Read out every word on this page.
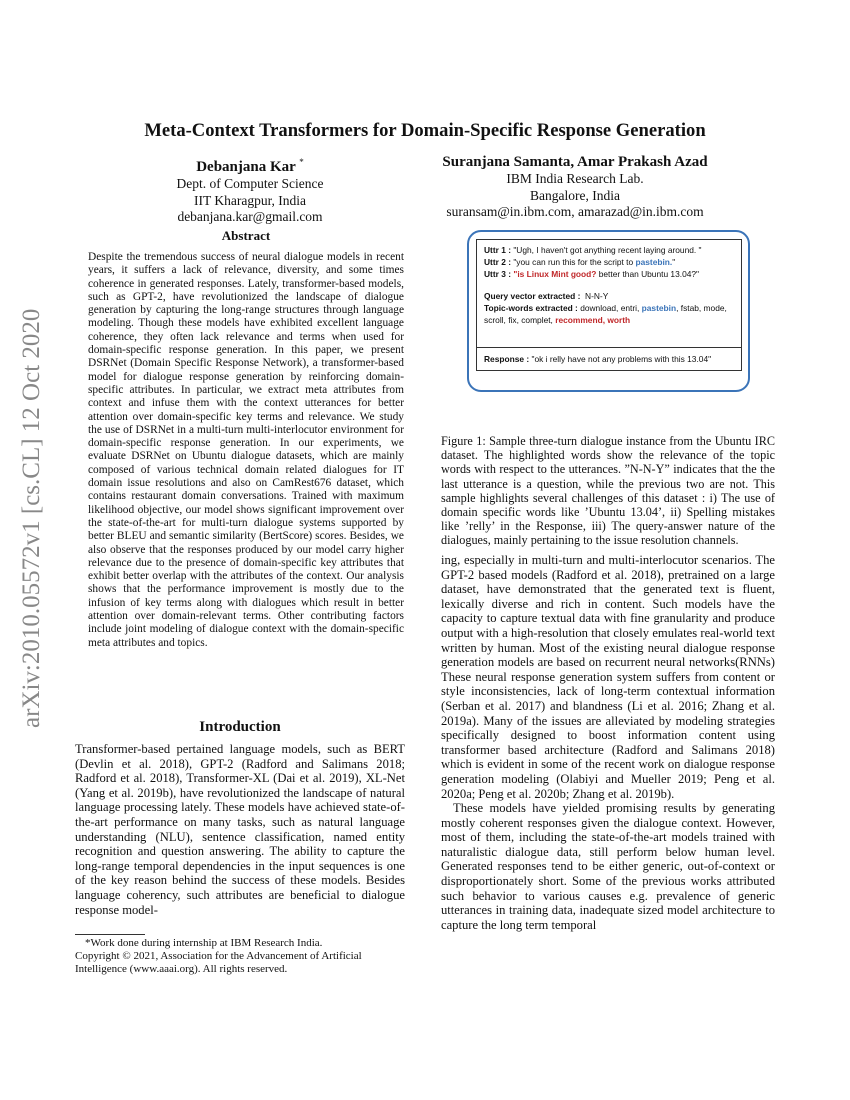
arXiv:2010.05572v1 [cs.CL] 12 Oct 2020
Meta-Context Transformers for Domain-Specific Response Generation
Debanjana Kar *
Dept. of Computer Science
IIT Kharagpur, India
debanjana.kar@gmail.com
Suranjana Samanta, Amar Prakash Azad
IBM India Research Lab.
Bangalore, India
suransam@in.ibm.com, amarazad@in.ibm.com
Abstract
Despite the tremendous success of neural dialogue models in recent years, it suffers a lack of relevance, diversity, and some times coherence in generated responses. Lately, transformer-based models, such as GPT-2, have revolutionized the landscape of dialogue generation by capturing the long-range structures through language modeling. Though these models have exhibited excellent language coherence, they often lack relevance and terms when used for domain-specific response generation. In this paper, we present DSRNet (Domain Specific Response Network), a transformer-based model for dialogue response generation by reinforcing domain-specific attributes. In particular, we extract meta attributes from context and infuse them with the context utterances for better attention over domain-specific key terms and relevance. We study the use of DSRNet in a multi-turn multi-interlocutor environment for domain-specific response generation. In our experiments, we evaluate DSRNet on Ubuntu dialogue datasets, which are mainly composed of various technical domain related dialogues for IT domain issue resolutions and also on CamRest676 dataset, which contains restaurant domain conversations. Trained with maximum likelihood objective, our model shows significant improvement over the state-of-the-art for multi-turn dialogue systems supported by better BLEU and semantic similarity (BertScore) scores. Besides, we also observe that the responses produced by our model carry higher relevance due to the presence of domain-specific key attributes that exhibit better overlap with the attributes of the context. Our analysis shows that the performance improvement is mostly due to the infusion of key terms along with dialogues which result in better attention over domain-relevant terms. Other contributing factors include joint modeling of dialogue context with the domain-specific meta attributes and topics.
Introduction

Transformer-based pertained language models, such as BERT (Devlin et al. 2018), GPT-2 (Radford and Salimans 2018; Radford et al. 2018), Transformer-XL (Dai et al. 2019), XL-Net (Yang et al. 2019b), have revolutionized the landscape of natural language processing lately. These models have achieved state-of-the-art performance on many tasks, such as natural language understanding (NLU), sentence classification, named entity recognition and question answering. The ability to capture the long-range temporal dependencies in the input sequences is one of the key reason behind the success of these models. Besides language coherency, such attributes are beneficial to dialogue response model-

*Work done during internship at IBM Research India.
Copyright © 2021, Association for the Advancement of Artificial Intelligence (www.aaai.org). All rights reserved.
Uttr 1 : "Ugh, I haven't got anything recent laying around. "
Uttr 2 : "you can run this for the script to pastebin."
Uttr 3 : "is Linux Mint good? better than Ubuntu 13.04?"
Query vector extracted : N-N-Y
Topic-words extracted : download, entri, pastebin, fstab, mode, scroll, fix, complet, recommend, worth
Response : "ok i relly have not any problems with this 13.04"
Figure 1: Sample three-turn dialogue instance from the Ubuntu IRC dataset. The highlighted words show the relevance of the topic words with respect to the utterances. ”N-N-Y” indicates that the the last utterance is a question, while the previous two are not. This sample highlights several challenges of this dataset : i) The use of domain specific words like ’Ubuntu 13.04’, ii) Spelling mistakes like ’relly’ in the Response, iii) The query-answer nature of the dialogues, mainly pertaining to the issue resolution channels.

ing, especially in multi-turn and multi-interlocutor scenarios. The GPT-2 based models (Radford et al. 2018), pretrained on a large dataset, have demonstrated that the generated text is fluent, lexically diverse and rich in content. Such models have the capacity to capture textual data with fine granularity and produce output with a high-resolution that closely emulates real-world text written by human. Most of the existing neural dialogue response generation models are based on recurrent neural networks(RNNs) These neural response generation system suffers from content or style inconsistencies, lack of long-term contextual information (Serban et al. 2017) and blandness (Li et al. 2016; Zhang et al. 2019a). Many of the issues are alleviated by modeling strategies specifically designed to boost information content using transformer based architecture (Radford and Salimans 2018) which is evident in some of the recent work on dialogue response generation modeling (Olabiyi and Mueller 2019; Peng et al. 2020a; Peng et al. 2020b; Zhang et al. 2019b).

These models have yielded promising results by generating mostly coherent responses given the dialogue context. However, most of them, including the state-of-the-art models trained with naturalistic dialogue data, still perform below human level. Generated responses tend to be either generic, out-of-context or disproportionately short. Some of the previous works attributed such behavior to various causes e.g. prevalence of generic utterances in training data, inadequate sized model architecture to capture the long term temporal
